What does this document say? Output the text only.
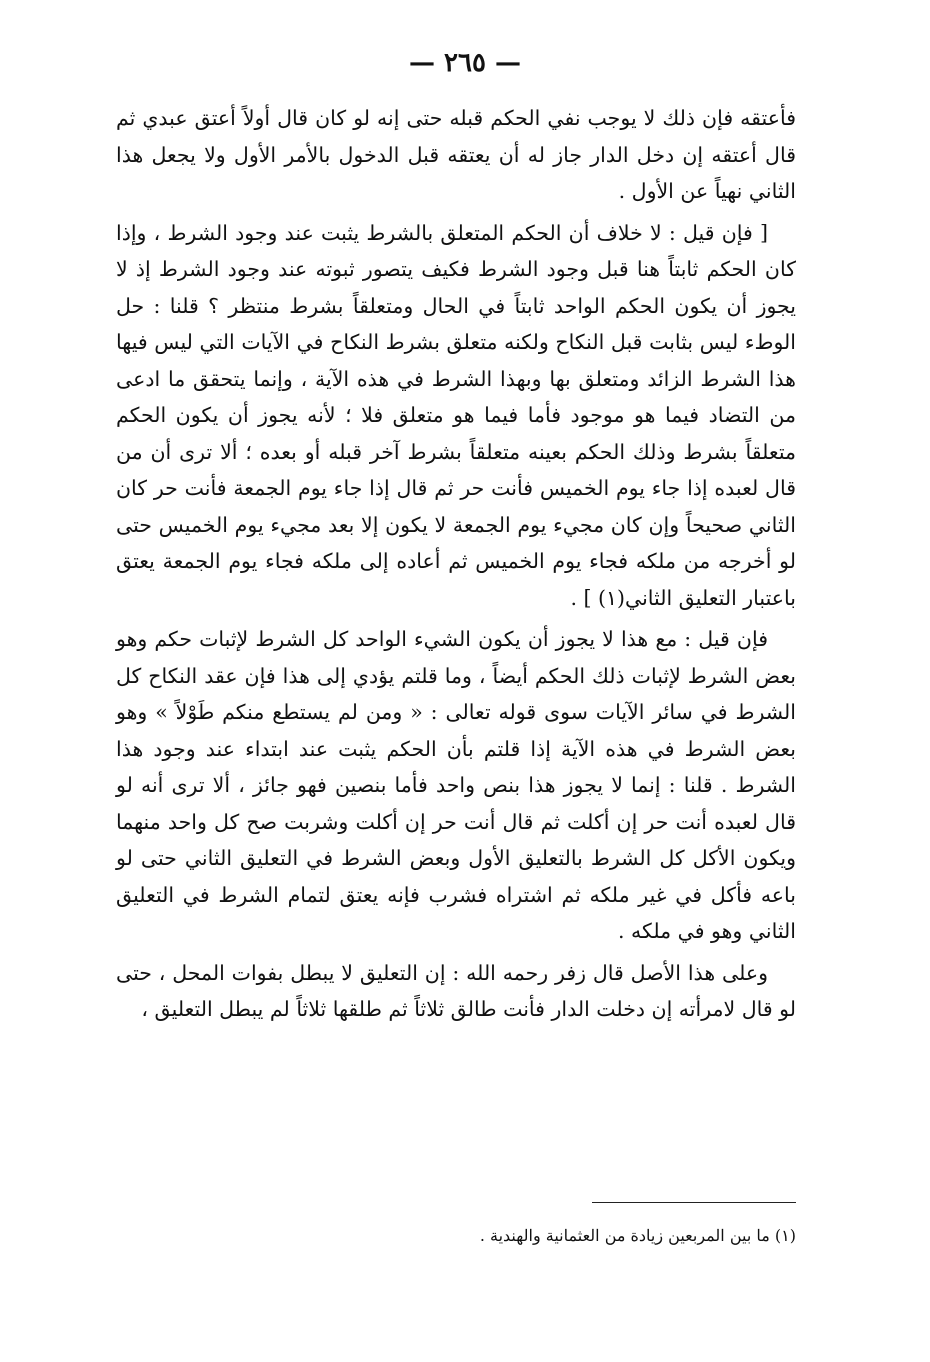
— ٢٦٥ —

فأعتقه فإن ذلك لا يوجب نفي الحكم قبله حتى إنه لو كان قال أولاً أعتق عبدي ثم قال أعتقه إن دخل الدار جاز له أن يعتقه قبل الدخول بالأمر الأول ولا يجعل هذا الثاني نهياً عن الأول .

[ فإن قيل : لا خلاف أن الحكم المتعلق بالشرط يثبت عند وجود الشرط ، وإذا كان الحكم ثابتاً هنا قبل وجود الشرط فكيف يتصور ثبوته عند وجود الشرط إذ لا يجوز أن يكون الحكم الواحد ثابتاً في الحال ومتعلقاً بشرط منتظر ؟ قلنا : حل الوطء ليس بثابت قبل النكاح ولكنه متعلق بشرط النكاح في الآيات التي ليس فيها هذا الشرط الزائد ومتعلق بها وبهذا الشرط في هذه الآية ، وإنما يتحقق ما ادعى من التضاد فيما هو موجود فأما فيما هو متعلق فلا ؛ لأنه يجوز أن يكون الحكم متعلقاً بشرط وذلك الحكم بعينه متعلقاً بشرط آخر قبله أو بعده ؛ ألا ترى أن من قال لعبده إذا جاء يوم الخميس فأنت حر ثم قال إذا جاء يوم الجمعة فأنت حر كان الثاني صحيحاً وإن كان مجيء يوم الجمعة لا يكون إلا بعد مجيء يوم الخميس حتى لو أخرجه من ملكه فجاء يوم الخميس ثم أعاده إلى ملكه فجاء يوم الجمعة يعتق باعتبار التعليق الثاني(١) ] .

فإن قيل : مع هذا لا يجوز أن يكون الشيء الواحد كل الشرط لإثبات حكم وهو بعض الشرط لإثبات ذلك الحكم أيضاً ، وما قلتم يؤدي إلى هذا فإن عقد النكاح كل الشرط في سائر الآيات سوى قوله تعالى : « ومن لم يستطع منكم طَوْلاً » وهو بعض الشرط في هذه الآية إذا قلتم بأن الحكم يثبت عند ابتداء عند وجود هذا الشرط . قلنا : إنما لا يجوز هذا بنص واحد فأما بنصين فهو جائز ، ألا ترى أنه لو قال لعبده أنت حر إن أكلت ثم قال أنت حر إن أكلت وشربت صح كل واحد منهما ويكون الأكل كل الشرط بالتعليق الأول وبعض الشرط في التعليق الثاني حتى لو باعه فأكل في غير ملكه ثم اشتراه فشرب فإنه يعتق لتمام الشرط في التعليق الثاني وهو في ملكه .

وعلى هذا الأصل قال زفر رحمه الله : إن التعليق لا يبطل بفوات المحل ، حتى لو قال لامرأته إن دخلت الدار فأنت طالق ثلاثاً ثم طلقها ثلاثاً لم يبطل التعليق ،

(١) ما بين المربعين زيادة من العثمانية والهندية .
